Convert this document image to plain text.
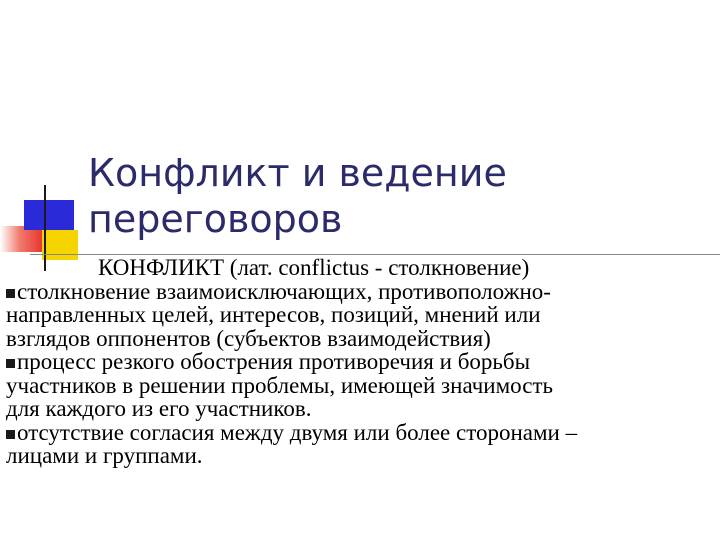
Конфликт и ведение
переговоров
КОНФЛИКТ (лат. conflictus - столкновение)
столкновение взаимоисключающих, противоположно-
направленных целей, интересов, позиций, мнений или
взглядов оппонентов (субъектов взаимодействия)
процесс резкого обострения противоречия и борьбы
участников в решении проблемы, имеющей значимость
для каждого из его участников.
отсутствие согласия между двумя или более сторонами –
лицами и группами.
